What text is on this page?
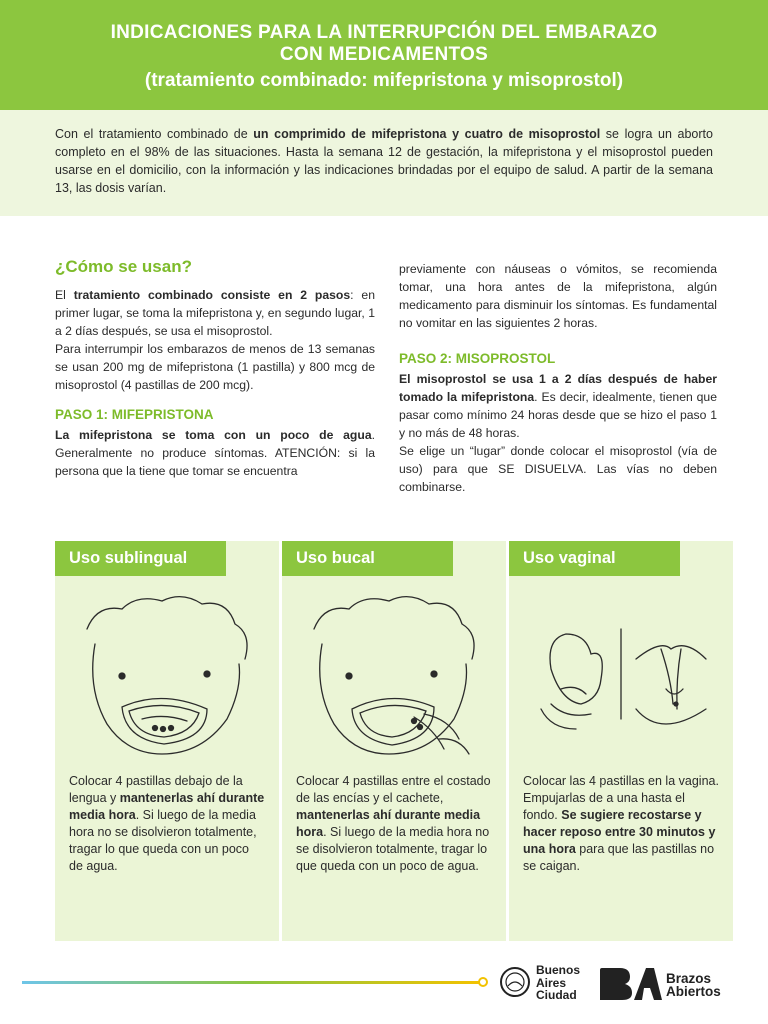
INDICACIONES PARA LA INTERRUPCIÓN DEL EMBARAZO
CON MEDICAMENTOS
(tratamiento combinado: mifepristona y misoprostol)

Con el tratamiento combinado de un comprimido de mifepristona y cuatro de misoprostol se logra un aborto completo en el 98% de las situaciones. Hasta la semana 12 de gestación, la mifepristona y el misoprostol pueden usarse en el domicilio, con la información y las indicaciones brindadas por el equipo de salud. A partir de la semana 13, las dosis varían.

¿Cómo se usan?

El tratamiento combinado consiste en 2 pasos: en primer lugar, se toma la mifepristona y, en segundo lugar, 1 a 2 días después, se usa el misoprostol.

Para interrumpir los embarazos de menos de 13 semanas se usan 200 mg de mifepristona (1 pastilla) y 800 mcg de misoprostol (4 pastillas de 200 mcg).

PASO 1: MIFEPRISTONA

La mifepristona se toma con un poco de agua. Generalmente no produce síntomas. ATENCIÓN: si la persona que la tiene que tomar se encuentra

previamente con náuseas o vómitos, se recomienda tomar, una hora antes de la mifepristona, algún medicamento para disminuir los síntomas. Es fundamental no vomitar en las siguientes 2 horas.

PASO 2: MISOPROSTOL

El misoprostol se usa 1 a 2 días después de haber tomado la mifepristona. Es decir, idealmente, tienen que pasar como mínimo 24 horas desde que se hizo el paso 1 y no más de 48 horas.

Se elige un “lugar” donde colocar el misoprostol (vía de uso) para que SE DISUELVA. Las vías no deben combinarse.

Uso sublingual
Colocar 4 pastillas debajo de la lengua y mantenerlas ahí durante media hora. Si luego de la media hora no se disolvieron totalmente, tragar lo que queda con un poco de agua.
Uso bucal
Colocar 4 pastillas entre el costado de las encías y el cachete, mantenerlas ahí durante media hora. Si luego de la media hora no se disolvieron totalmente, tragar lo que queda con un poco de agua.
Uso vaginal
Colocar las 4 pastillas en la vagina. Empujarlas de a una hasta el fondo. Se sugiere recostarse y hacer reposo entre 30 minutos y una hora para que las pastillas no se caigan.
Buenos
Aires
Ciudad
Brazos
Abiertos
